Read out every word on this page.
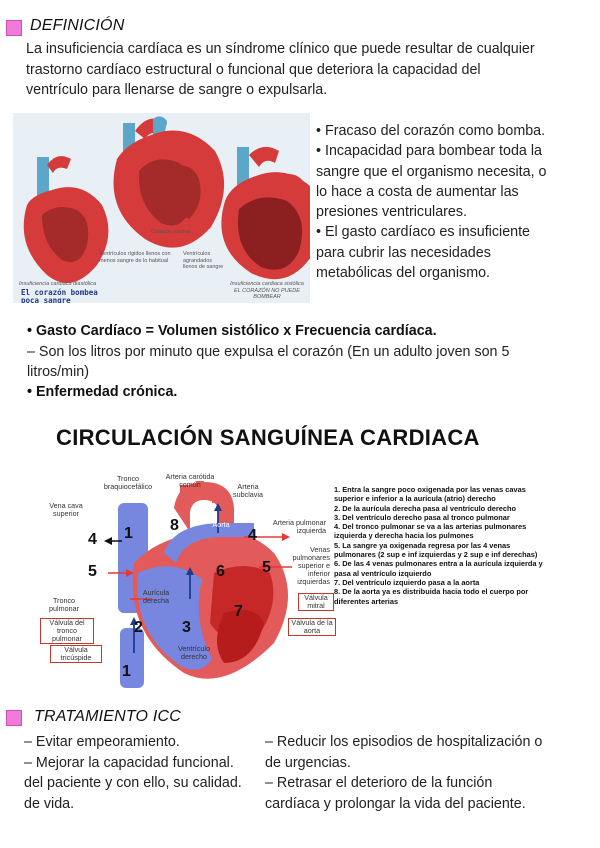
DEFINICIÓN
La insuficiencia cardíaca es un síndrome clínico que puede resultar de cualquier
trastorno cardíaco estructural o funcional que deteriora la capacidad del
ventrículo para llenarse de sangre o expulsarla.
Corazón normal
Ventrículos rígidos llenos con menos sangre de lo habitual
Ventrículos agrandados llenos de sangre
Insuficiencia cardiaca diastólica	Insuficiencia cardiaca sistólica
EL CORAZÓN NO PUEDE BOMBEAR
El corazón bombea poca sangre
• Fracaso del corazón como bomba.
• Incapacidad para bombear toda la
sangre que el organismo necesita, o
lo hace a costa de aumentar las
presiones ventriculares.
• El gasto cardíaco es insuficiente
para cubrir las necesidades
metabólicas del organismo.
• Gasto Cardíaco = Volumen sistólico x Frecuencia cardíaca.
– Son los litros por minuto que expulsa el corazón (En un adulto joven son 5
litros/min)
• Enfermedad crónica.
CIRCULACIÓN SANGUÍNEA CARDIACA
Tronco braquiocefálico
Arteria carótida común	Arteria subclavia
Vena cava superior
Aorta	Arteria pulmonar izquierda
Venas pulmonares superior e inferior izquierdas
Aurícula derecha
Tronco pulmonar
Válvula del tronco pulmonar
Válvula tricúspide
Ventrículo derecho
Válvula mitral
Válvula de la aorta
1
1
2 3
4	4
5	5
6
7
8
1. Entra la sangre poco oxigenada por las venas cavas superior e inferior a la aurícula (atrio) derecho
2. De la aurícula derecha pasa al ventrículo derecho
3. Del ventrículo derecho pasa al tronco pulmonar
4. Del tronco pulmonar se va a las arterias pulmonares izquierda y derecha hacia los pulmones
5. La sangre ya oxigenada regresa por las 4 venas pulmonares (2 sup e inf izquierdas y 2 sup e inf derechas)
6. De las 4 venas pulmonares entra a la aurícula izquierda y pasa al ventrículo izquierdo
7. Del ventrículo izquierdo pasa a la aorta
8. De la aorta ya es distribuida hacia todo el cuerpo por diferentes arterias
TRATAMIENTO ICC
– Evitar empeoramiento.
– Mejorar la capacidad funcional.
del paciente y con ello, su calidad.
de vida.
– Reducir los episodios de hospitalización o
de urgencias.
– Retrasar el deterioro de la función
cardíaca y prolongar la vida del paciente.
